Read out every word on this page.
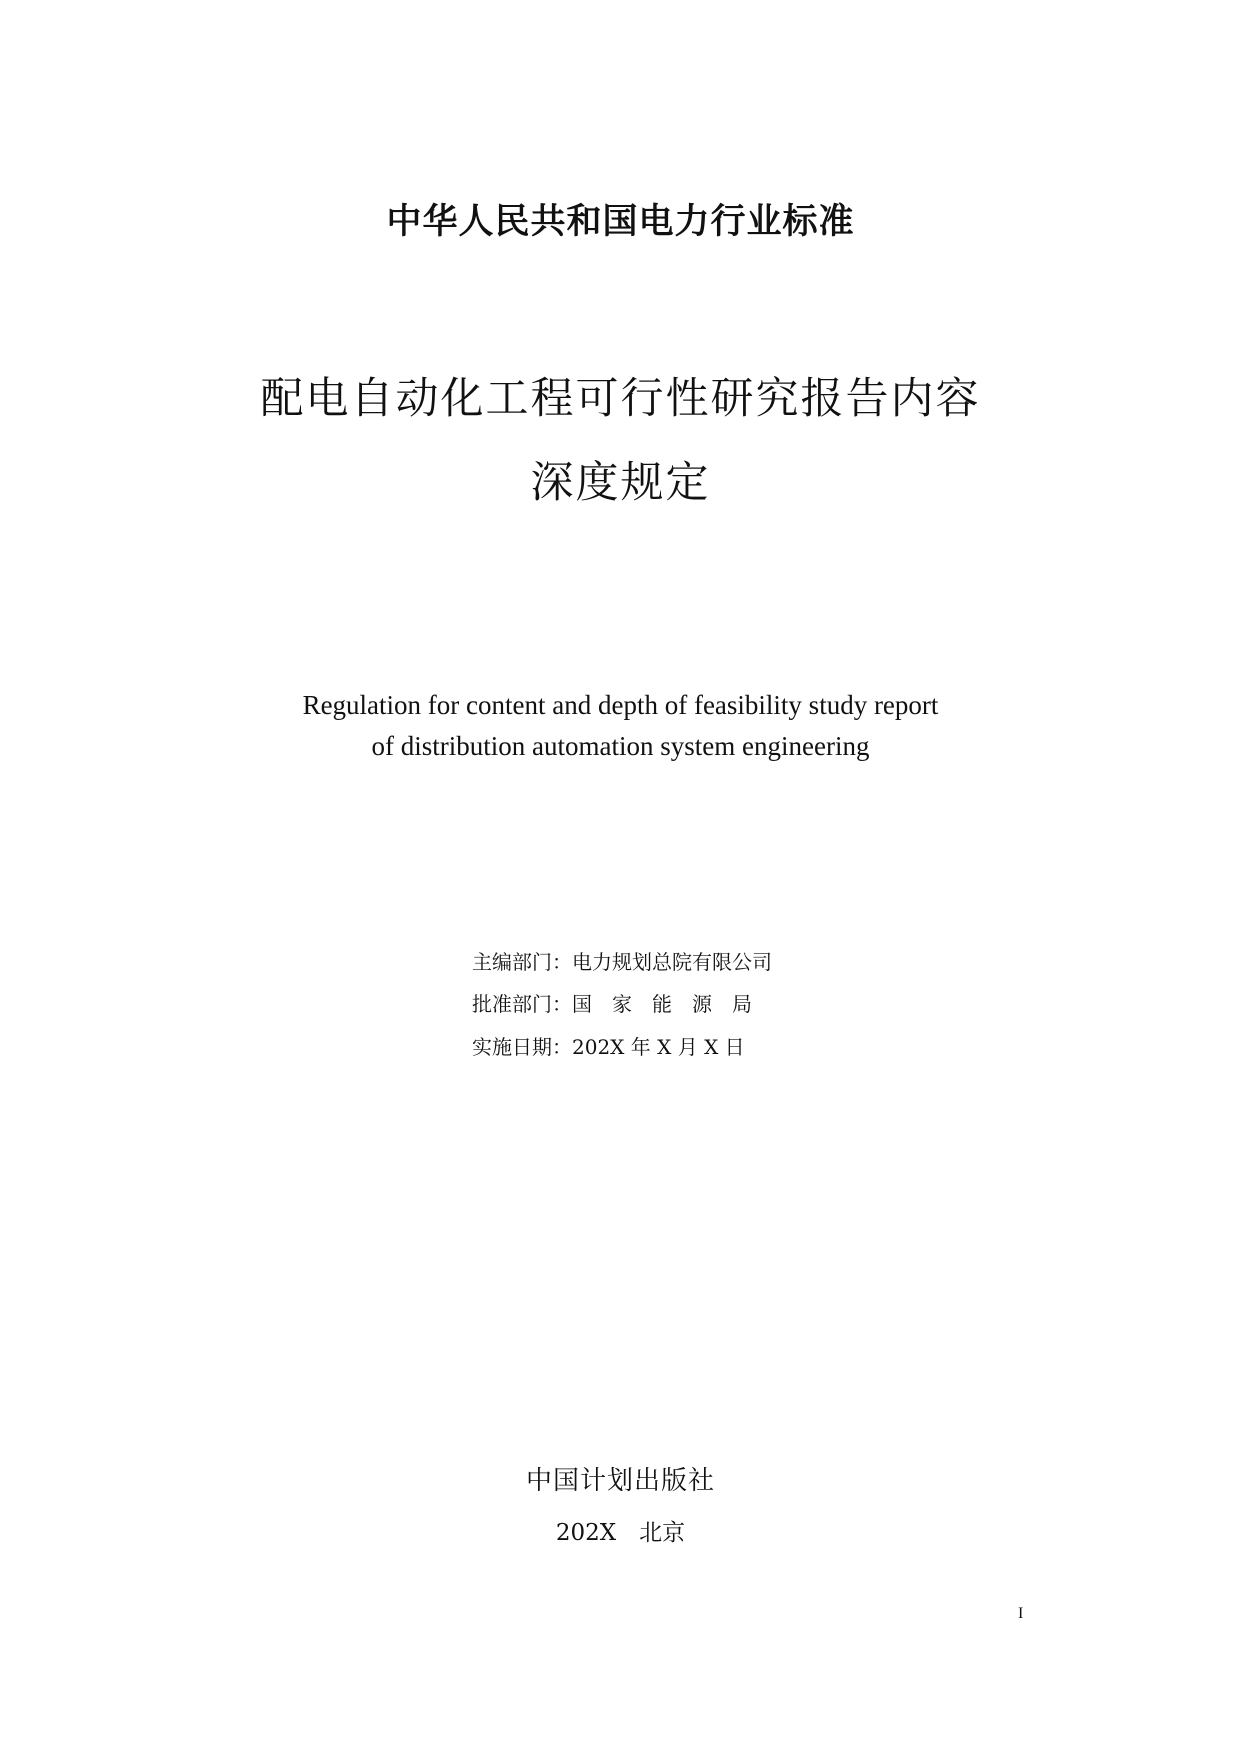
中华人民共和国电力行业标准
配电自动化工程可行性研究报告内容
深度规定
Regulation for content and depth of feasibility study report
of distribution automation system engineering
主编部门：电力规划总院有限公司
批准部门：国　家　能　源　局
实施日期：202X 年 X 月 X 日
中国计划出版社
202X　北京
I
